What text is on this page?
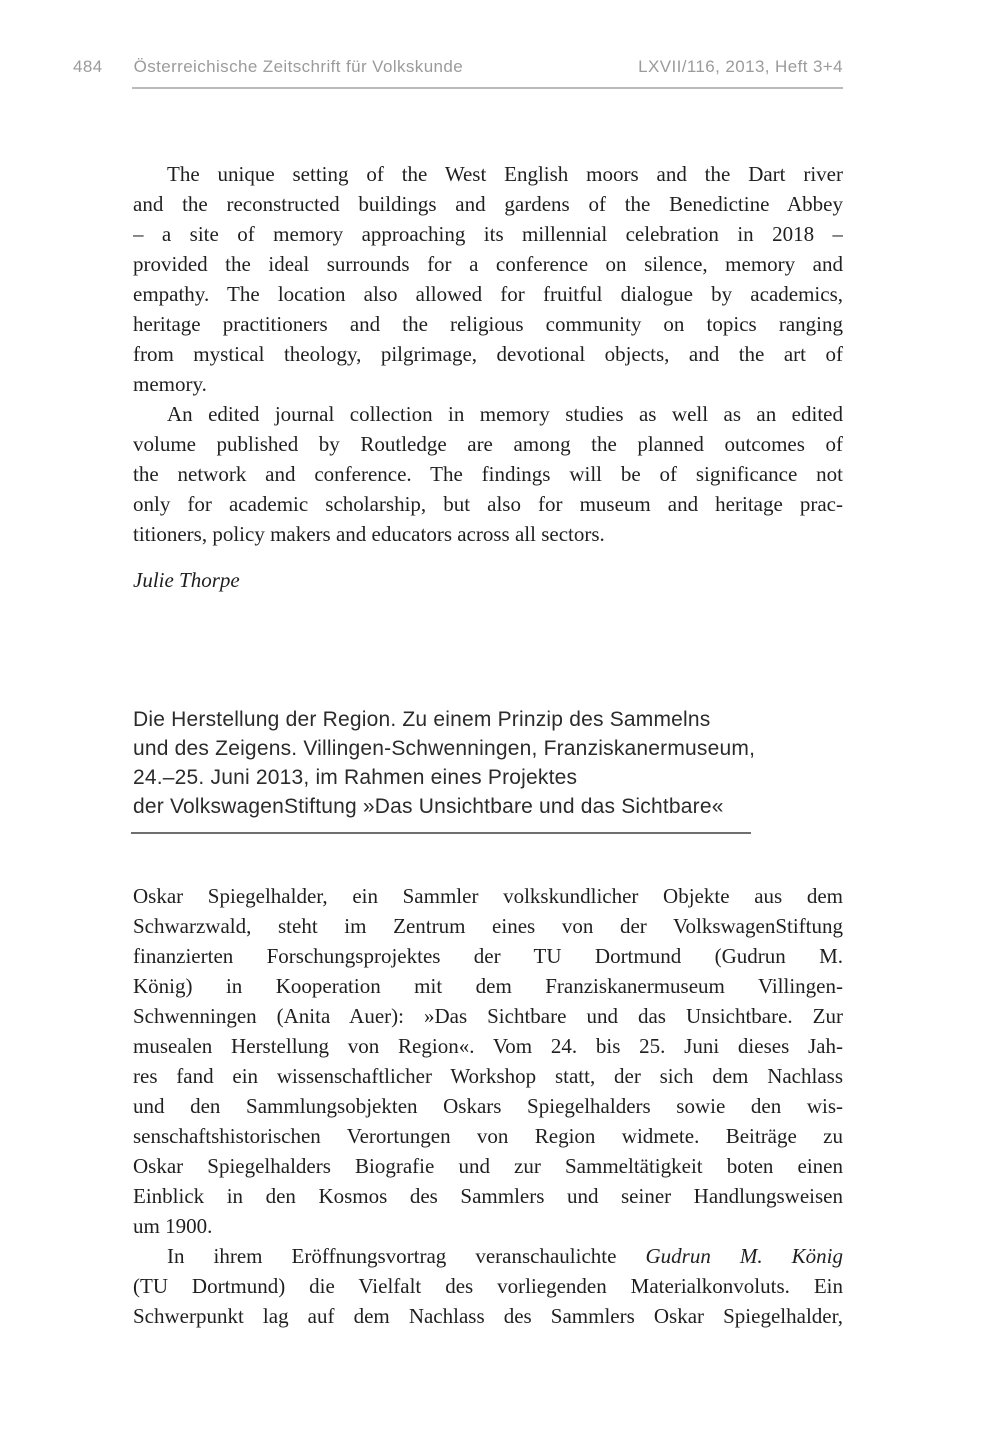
484 Österreichische Zeitschrift für Volkskunde	LXVII/116, 2013, Heft 3+4
The unique setting of the West English moors and the Dart river
and the reconstructed buildings and gardens of the Benedictine Abbey
– a site of memory approaching its millennial celebration in 2018 –
provided the ideal surrounds for a conference on silence, memory and
empathy. The location also allowed for fruitful dialogue by academics,
heritage practitioners and the religious community on topics ranging
from mystical theology, pilgrimage, devotional objects, and the art of
memory.
An edited journal collection in memory studies as well as an edited
volume published by Routledge are among the planned outcomes of
the network and conference. The findings will be of significance not
only for academic scholarship, but also for museum and heritage prac-
titioners, policy makers and educators across all sectors.
Julie Thorpe
Die Herstellung der Region. Zu einem Prinzip des Sammelns
und des Zeigens. Villingen-Schwenningen, Franziskanermuseum,
24.–25. Juni 2013, im Rahmen eines Projektes
der VolkswagenStiftung »Das Unsichtbare und das Sichtbare«
Oskar Spiegelhalder, ein Sammler volkskundlicher Objekte aus dem
Schwarzwald, steht im Zentrum eines von der VolkswagenStiftung
finanzierten Forschungsprojektes der TU Dortmund (Gudrun M.
König) in Kooperation mit dem Franziskanermuseum Villingen-
Schwenningen (Anita Auer): »Das Sichtbare und das Unsichtbare. Zur
musealen Herstellung von Region«. Vom 24. bis 25. Juni dieses Jah-
res fand ein wissenschaftlicher Workshop statt, der sich dem Nachlass
und den Sammlungsobjekten Oskars Spiegelhalders sowie den wis-
senschaftshistorischen Verortungen von Region widmete. Beiträge zu
Oskar Spiegelhalders Biografie und zur Sammeltätigkeit boten einen
Einblick in den Kosmos des Sammlers und seiner Handlungsweisen
um 1900.
In ihrem Eröffnungsvortrag veranschaulichte Gudrun M. König
(TU Dortmund) die Vielfalt des vorliegenden Materialkonvoluts. Ein
Schwerpunkt lag auf dem Nachlass des Sammlers Oskar Spiegelhalder,
